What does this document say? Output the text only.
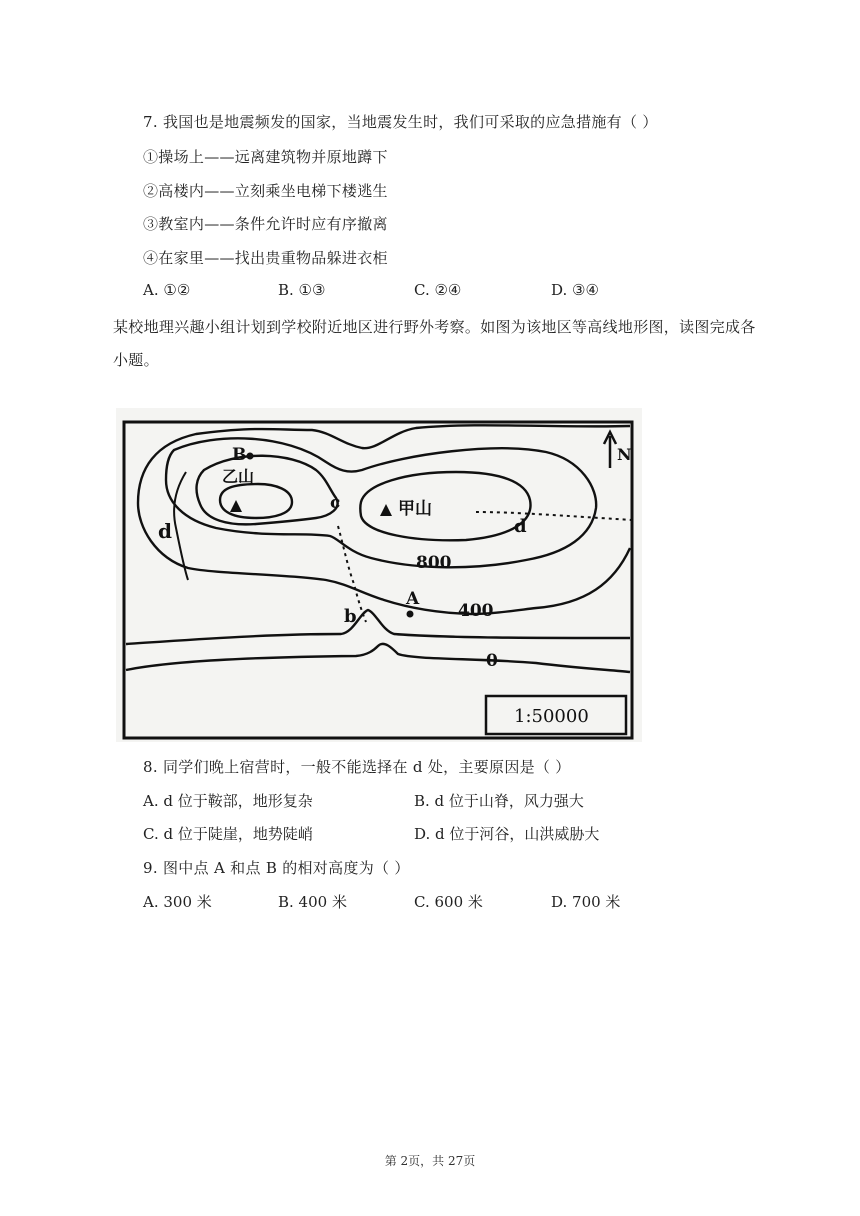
7. 我国也是地震频发的国家，当地震发生时，我们可采取的应急措施有（ ）
①操场上——远离建筑物并原地蹲下
②高楼内——立刻乘坐电梯下楼逃生
③教室内——条件允许时应有序撤离
④在家里——找出贵重物品躲进衣柜
A. ①②	B. ①③	C. ②④	D. ③④
某校地理兴趣小组计划到学校附近地区进行野外考察。如图为该地区等高线地形图，读图完成各
小题。
B
乙山
甲山
c
d	d
b
A
N
800
400
0
1:50000
8. 同学们晚上宿营时，一般不能选择在 d 处，主要原因是（ ）
A. d 位于鞍部，地形复杂	B. d 位于山脊，风力强大
C. d 位于陡崖，地势陡峭	D. d 位于河谷，山洪威胁大
9. 图中点 A 和点 B 的相对高度为（ ）
A. 300 米	B. 400 米	C. 600 米	D. 700 米
第 2页，共 27页
